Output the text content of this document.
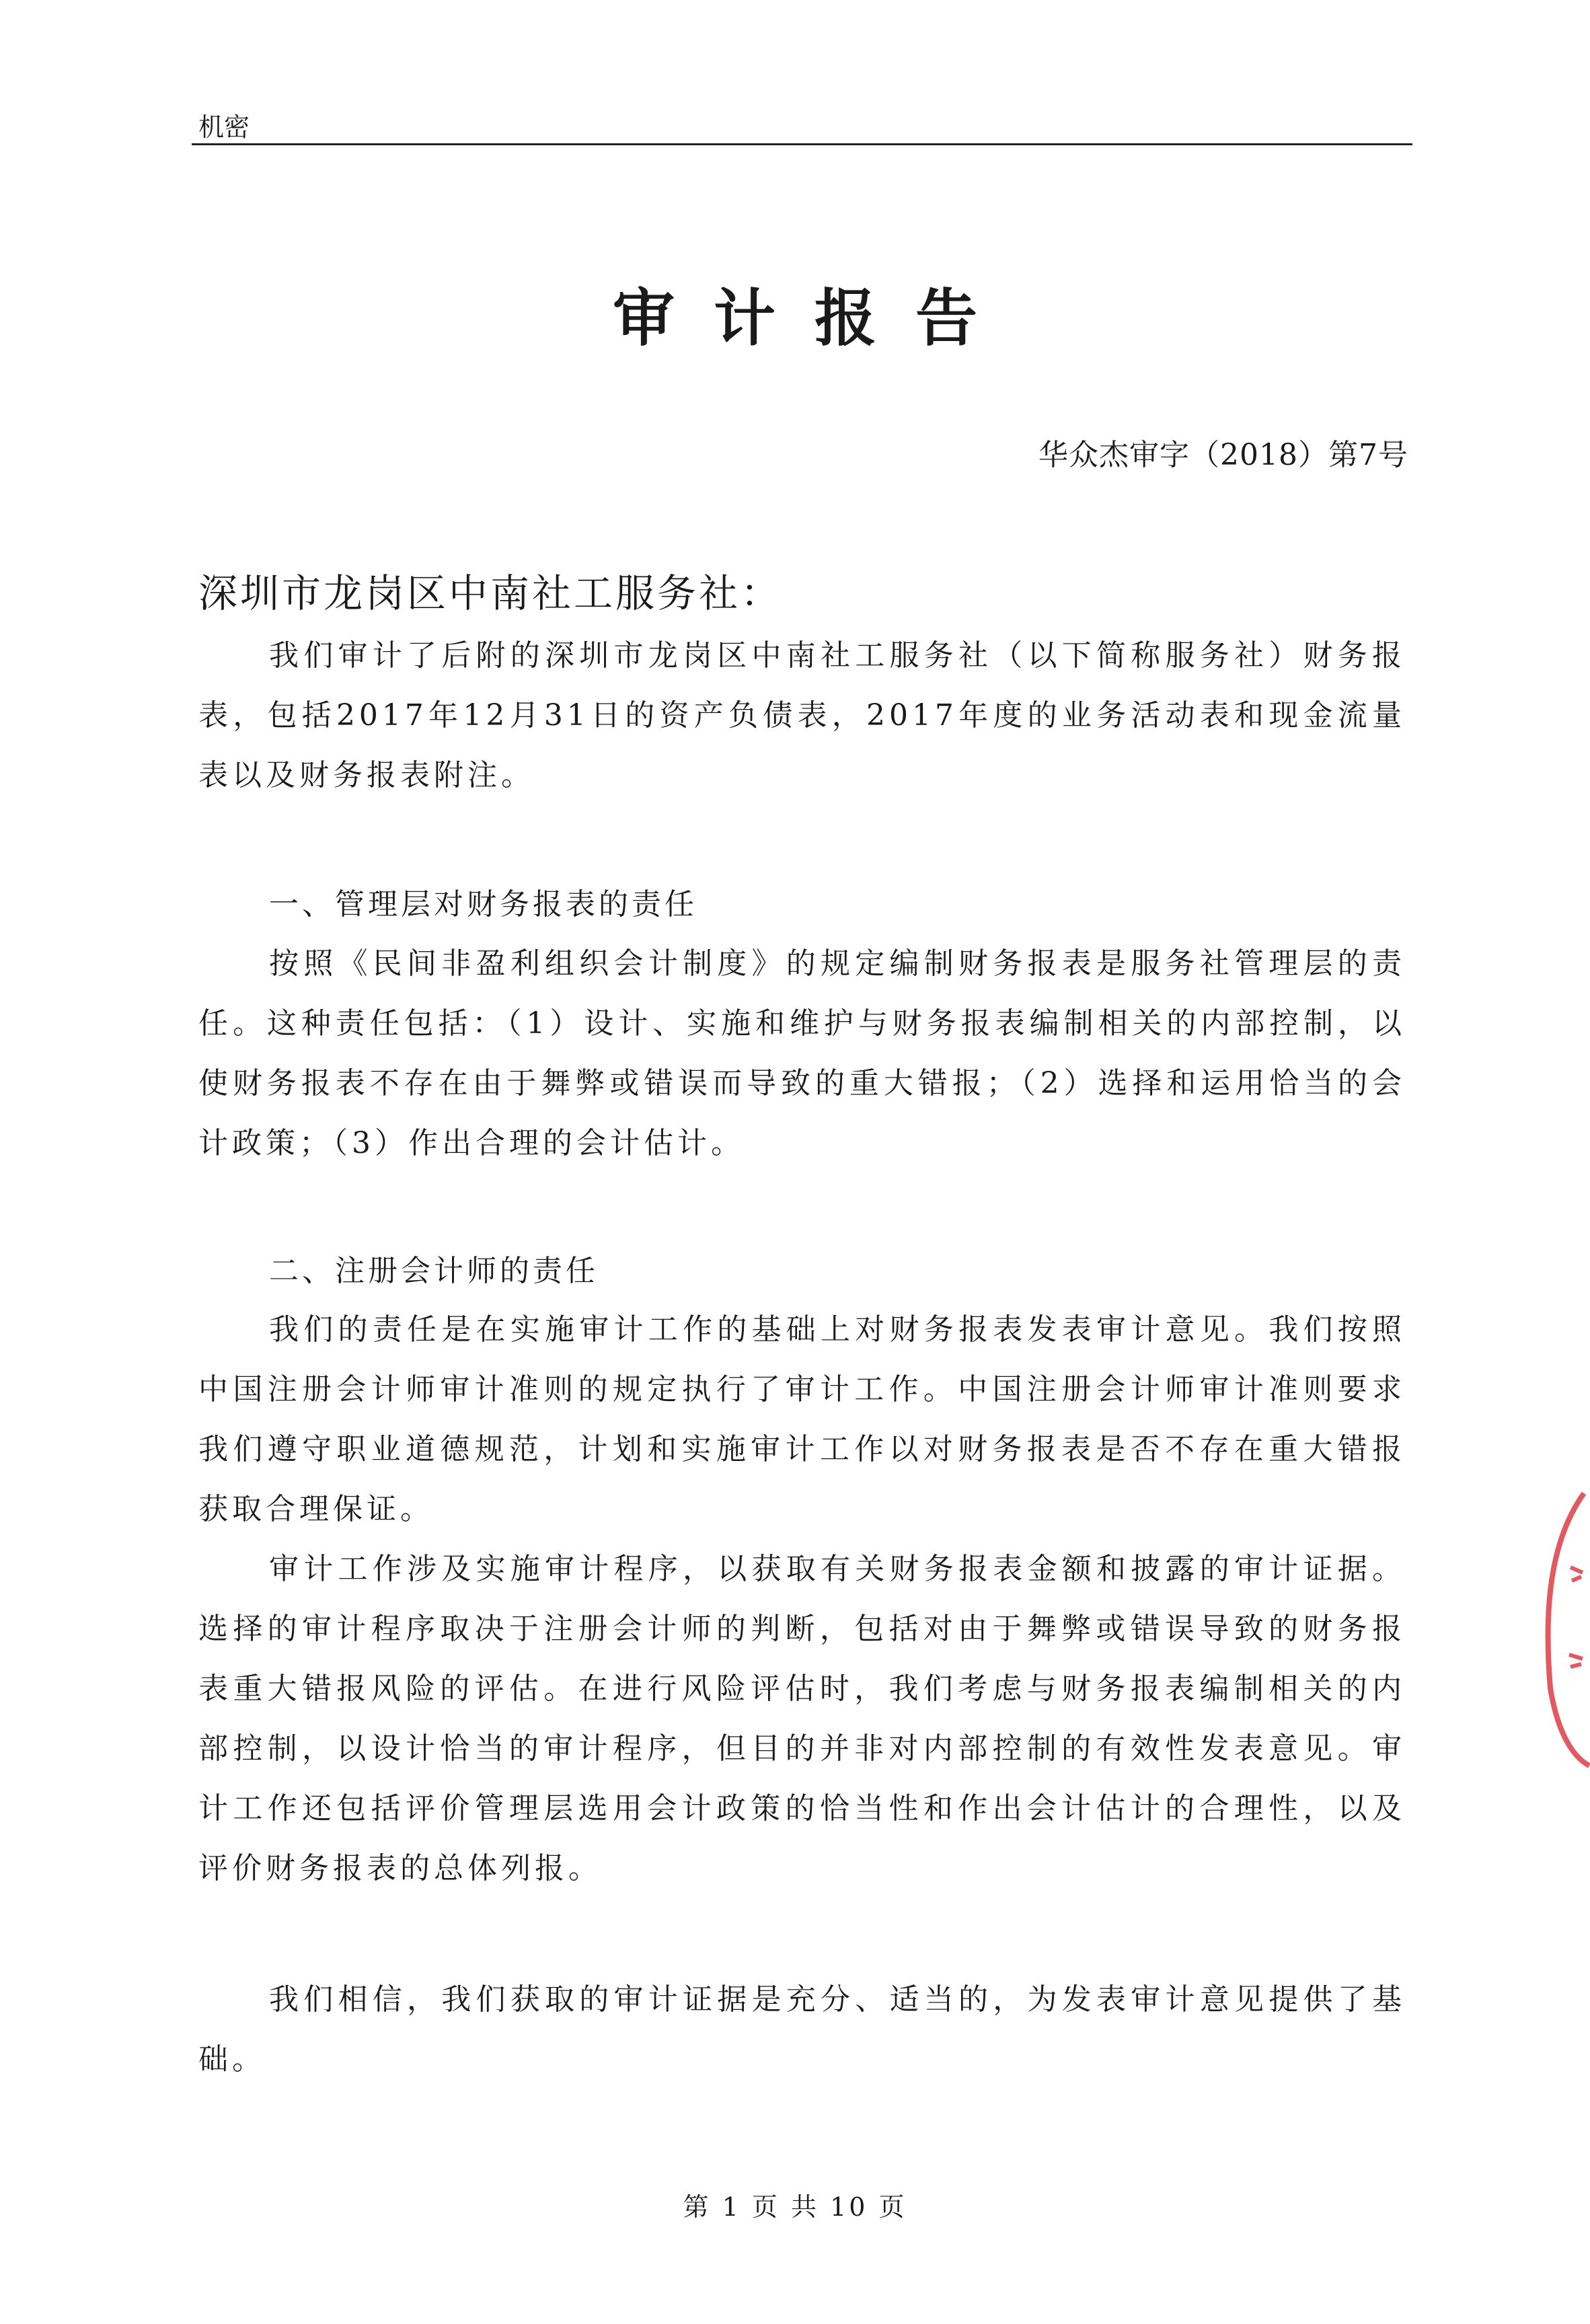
机密
审计报告
华众杰审字（2018）第7号
深圳市龙岗区中南社工服务社：

我们审计了后附的深圳市龙岗区中南社工服务社（以下简称服务社）财务报表，包括2017年12月31日的资产负债表，2017年度的业务活动表和现金流量表以及财务报表附注。

一、管理层对财务报表的责任

按照《民间非盈利组织会计制度》的规定编制财务报表是服务社管理层的责任。这种责任包括：（1）设计、实施和维护与财务报表编制相关的内部控制，以使财务报表不存在由于舞弊或错误而导致的重大错报；（2）选择和运用恰当的会计政策；（3）作出合理的会计估计。

二、注册会计师的责任

我们的责任是在实施审计工作的基础上对财务报表发表审计意见。我们按照中国注册会计师审计准则的规定执行了审计工作。中国注册会计师审计准则要求我们遵守职业道德规范，计划和实施审计工作以对财务报表是否不存在重大错报获取合理保证。

审计工作涉及实施审计程序，以获取有关财务报表金额和披露的审计证据。选择的审计程序取决于注册会计师的判断，包括对由于舞弊或错误导致的财务报表重大错报风险的评估。在进行风险评估时，我们考虑与财务报表编制相关的内部控制，以设计恰当的审计程序，但目的并非对内部控制的有效性发表意见。审计工作还包括评价管理层选用会计政策的恰当性和作出会计估计的合理性，以及评价财务报表的总体列报。

我们相信，我们获取的审计证据是充分、适当的，为发表审计意见提供了基础。

第 1 页 共 10 页
